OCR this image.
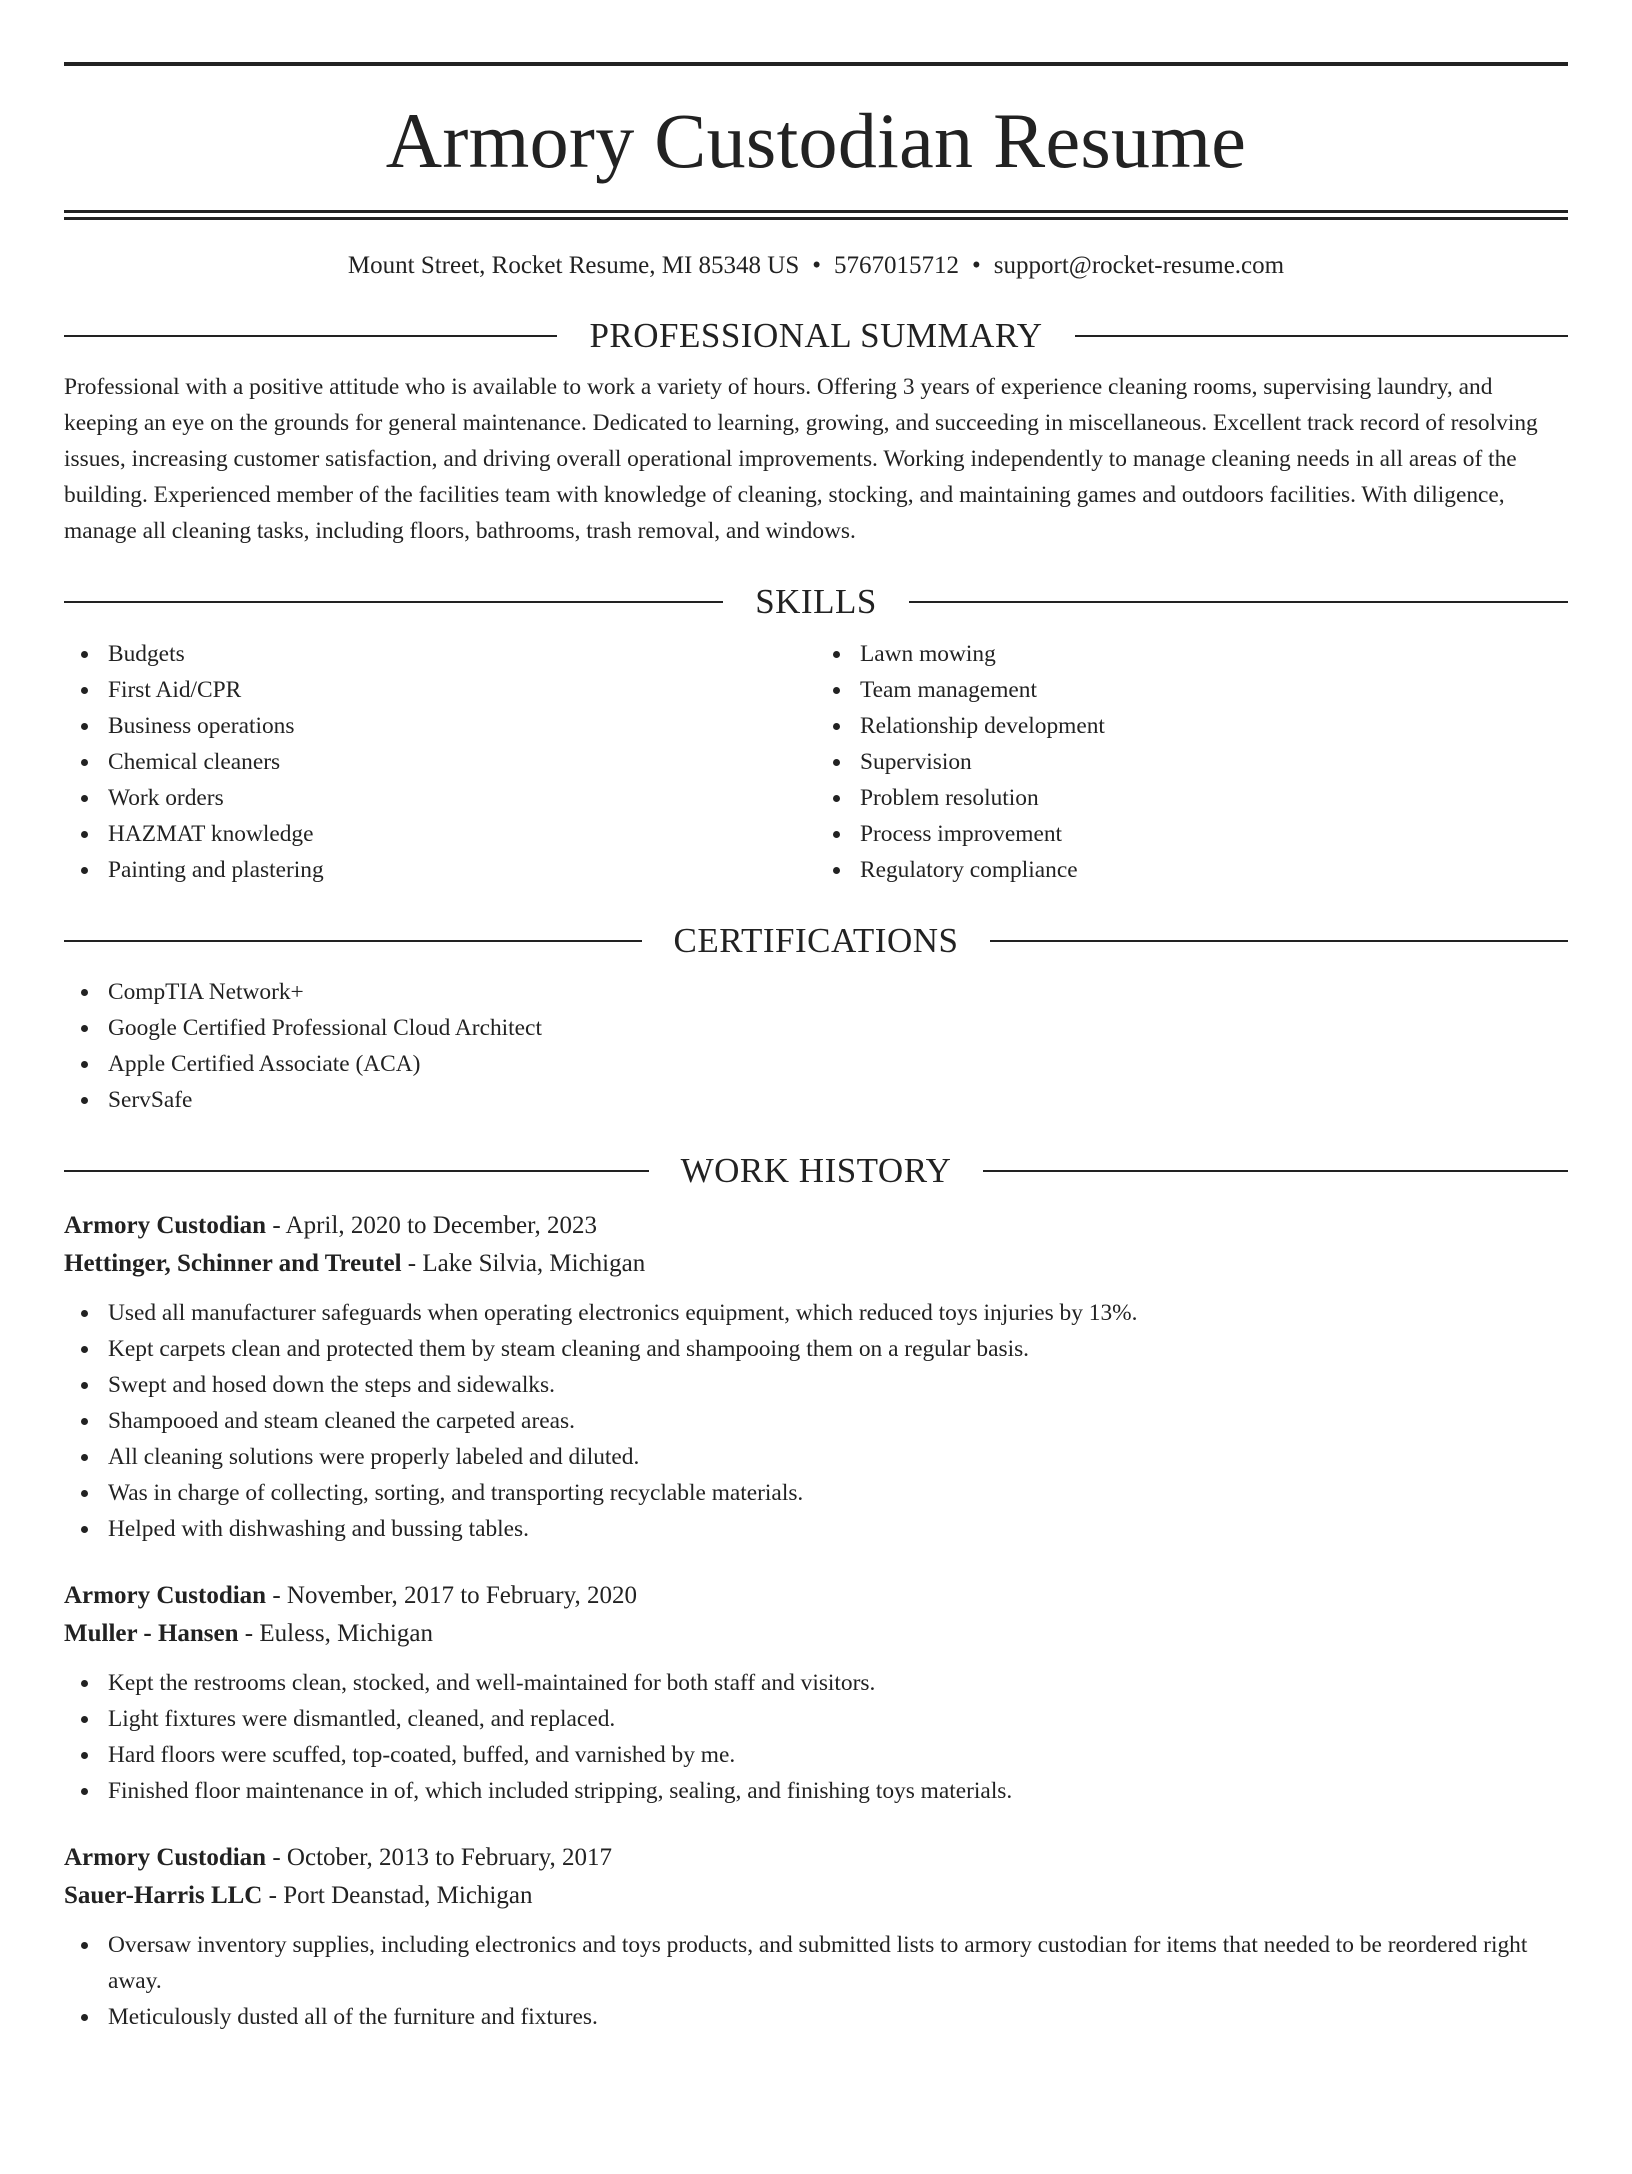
Armory Custodian Resume
Mount Street, Rocket Resume, MI 85348 US • 5767015712 • support@rocket-resume.com
PROFESSIONAL SUMMARY

Professional with a positive attitude who is available to work a variety of hours. Offering 3 years of experience cleaning rooms, supervising laundry, and keeping an eye on the grounds for general maintenance. Dedicated to learning, growing, and succeeding in miscellaneous. Excellent track record of resolving issues, increasing customer satisfaction, and driving overall operational improvements. Working independently to manage cleaning needs in all areas of the building. Experienced member of the facilities team with knowledge of cleaning, stocking, and maintaining games and outdoors facilities. With diligence, manage all cleaning tasks, including floors, bathrooms, trash removal, and windows.

SKILLS
Budgets
First Aid/CPR
Business operations
Chemical cleaners
Work orders
HAZMAT knowledge
Painting and plastering
Lawn mowing
Team management
Relationship development
Supervision
Problem resolution
Process improvement
Regulatory compliance
CERTIFICATIONS
CompTIA Network+
Google Certified Professional Cloud Architect
Apple Certified Associate (ACA)
ServSafe
WORK HISTORY
Armory Custodian - April, 2020 to December, 2023
Hettinger, Schinner and Treutel - Lake Silvia, Michigan
Used all manufacturer safeguards when operating electronics equipment, which reduced toys injuries by 13%.
Kept carpets clean and protected them by steam cleaning and shampooing them on a regular basis.
Swept and hosed down the steps and sidewalks.
Shampooed and steam cleaned the carpeted areas.
All cleaning solutions were properly labeled and diluted.
Was in charge of collecting, sorting, and transporting recyclable materials.
Helped with dishwashing and bussing tables.
Armory Custodian - November, 2017 to February, 2020
Muller - Hansen - Euless, Michigan
Kept the restrooms clean, stocked, and well-maintained for both staff and visitors.
Light fixtures were dismantled, cleaned, and replaced.
Hard floors were scuffed, top-coated, buffed, and varnished by me.
Finished floor maintenance in of, which included stripping, sealing, and finishing toys materials.
Armory Custodian - October, 2013 to February, 2017
Sauer-Harris LLC - Port Deanstad, Michigan
Oversaw inventory supplies, including electronics and toys products, and submitted lists to armory custodian for items that needed to be reordered right away.
Meticulously dusted all of the furniture and fixtures.
